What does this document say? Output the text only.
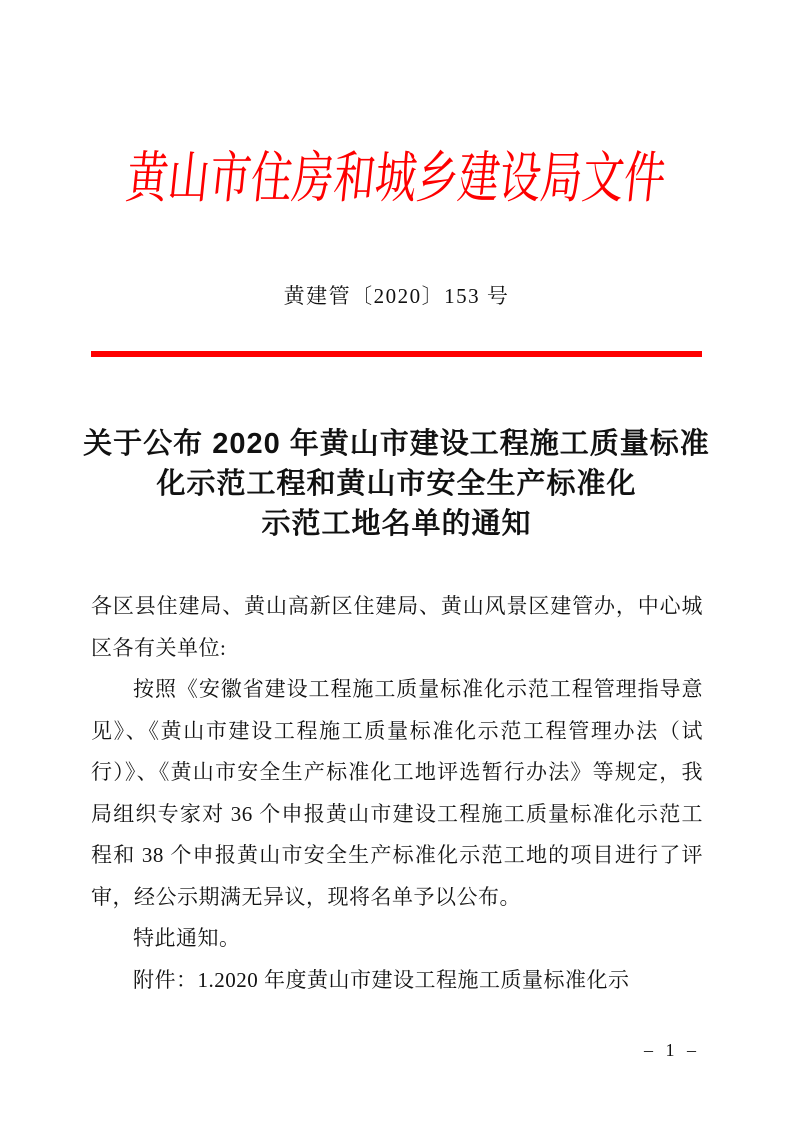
黄山市住房和城乡建设局文件
黄建管〔2020〕153 号
关于公布 2020 年黄山市建设工程施工质量标准
化示范工程和黄山市安全生产标准化
示范工地名单的通知

各区县住建局、黄山高新区住建局、黄山风景区建管办，中心城区各有关单位:

按照《安徽省建设工程施工质量标准化示范工程管理指导意见》、《黄山市建设工程施工质量标准化示范工程管理办法（试行）》、《黄山市安全生产标准化工地评选暂行办法》等规定，我局组织专家对 36 个申报黄山市建设工程施工质量标准化示范工程和 38 个申报黄山市安全生产标准化示范工地的项目进行了评审，经公示期满无异议，现将名单予以公布。

特此通知。

附件：1.2020 年度黄山市建设工程施工质量标准化示

– 1 –
